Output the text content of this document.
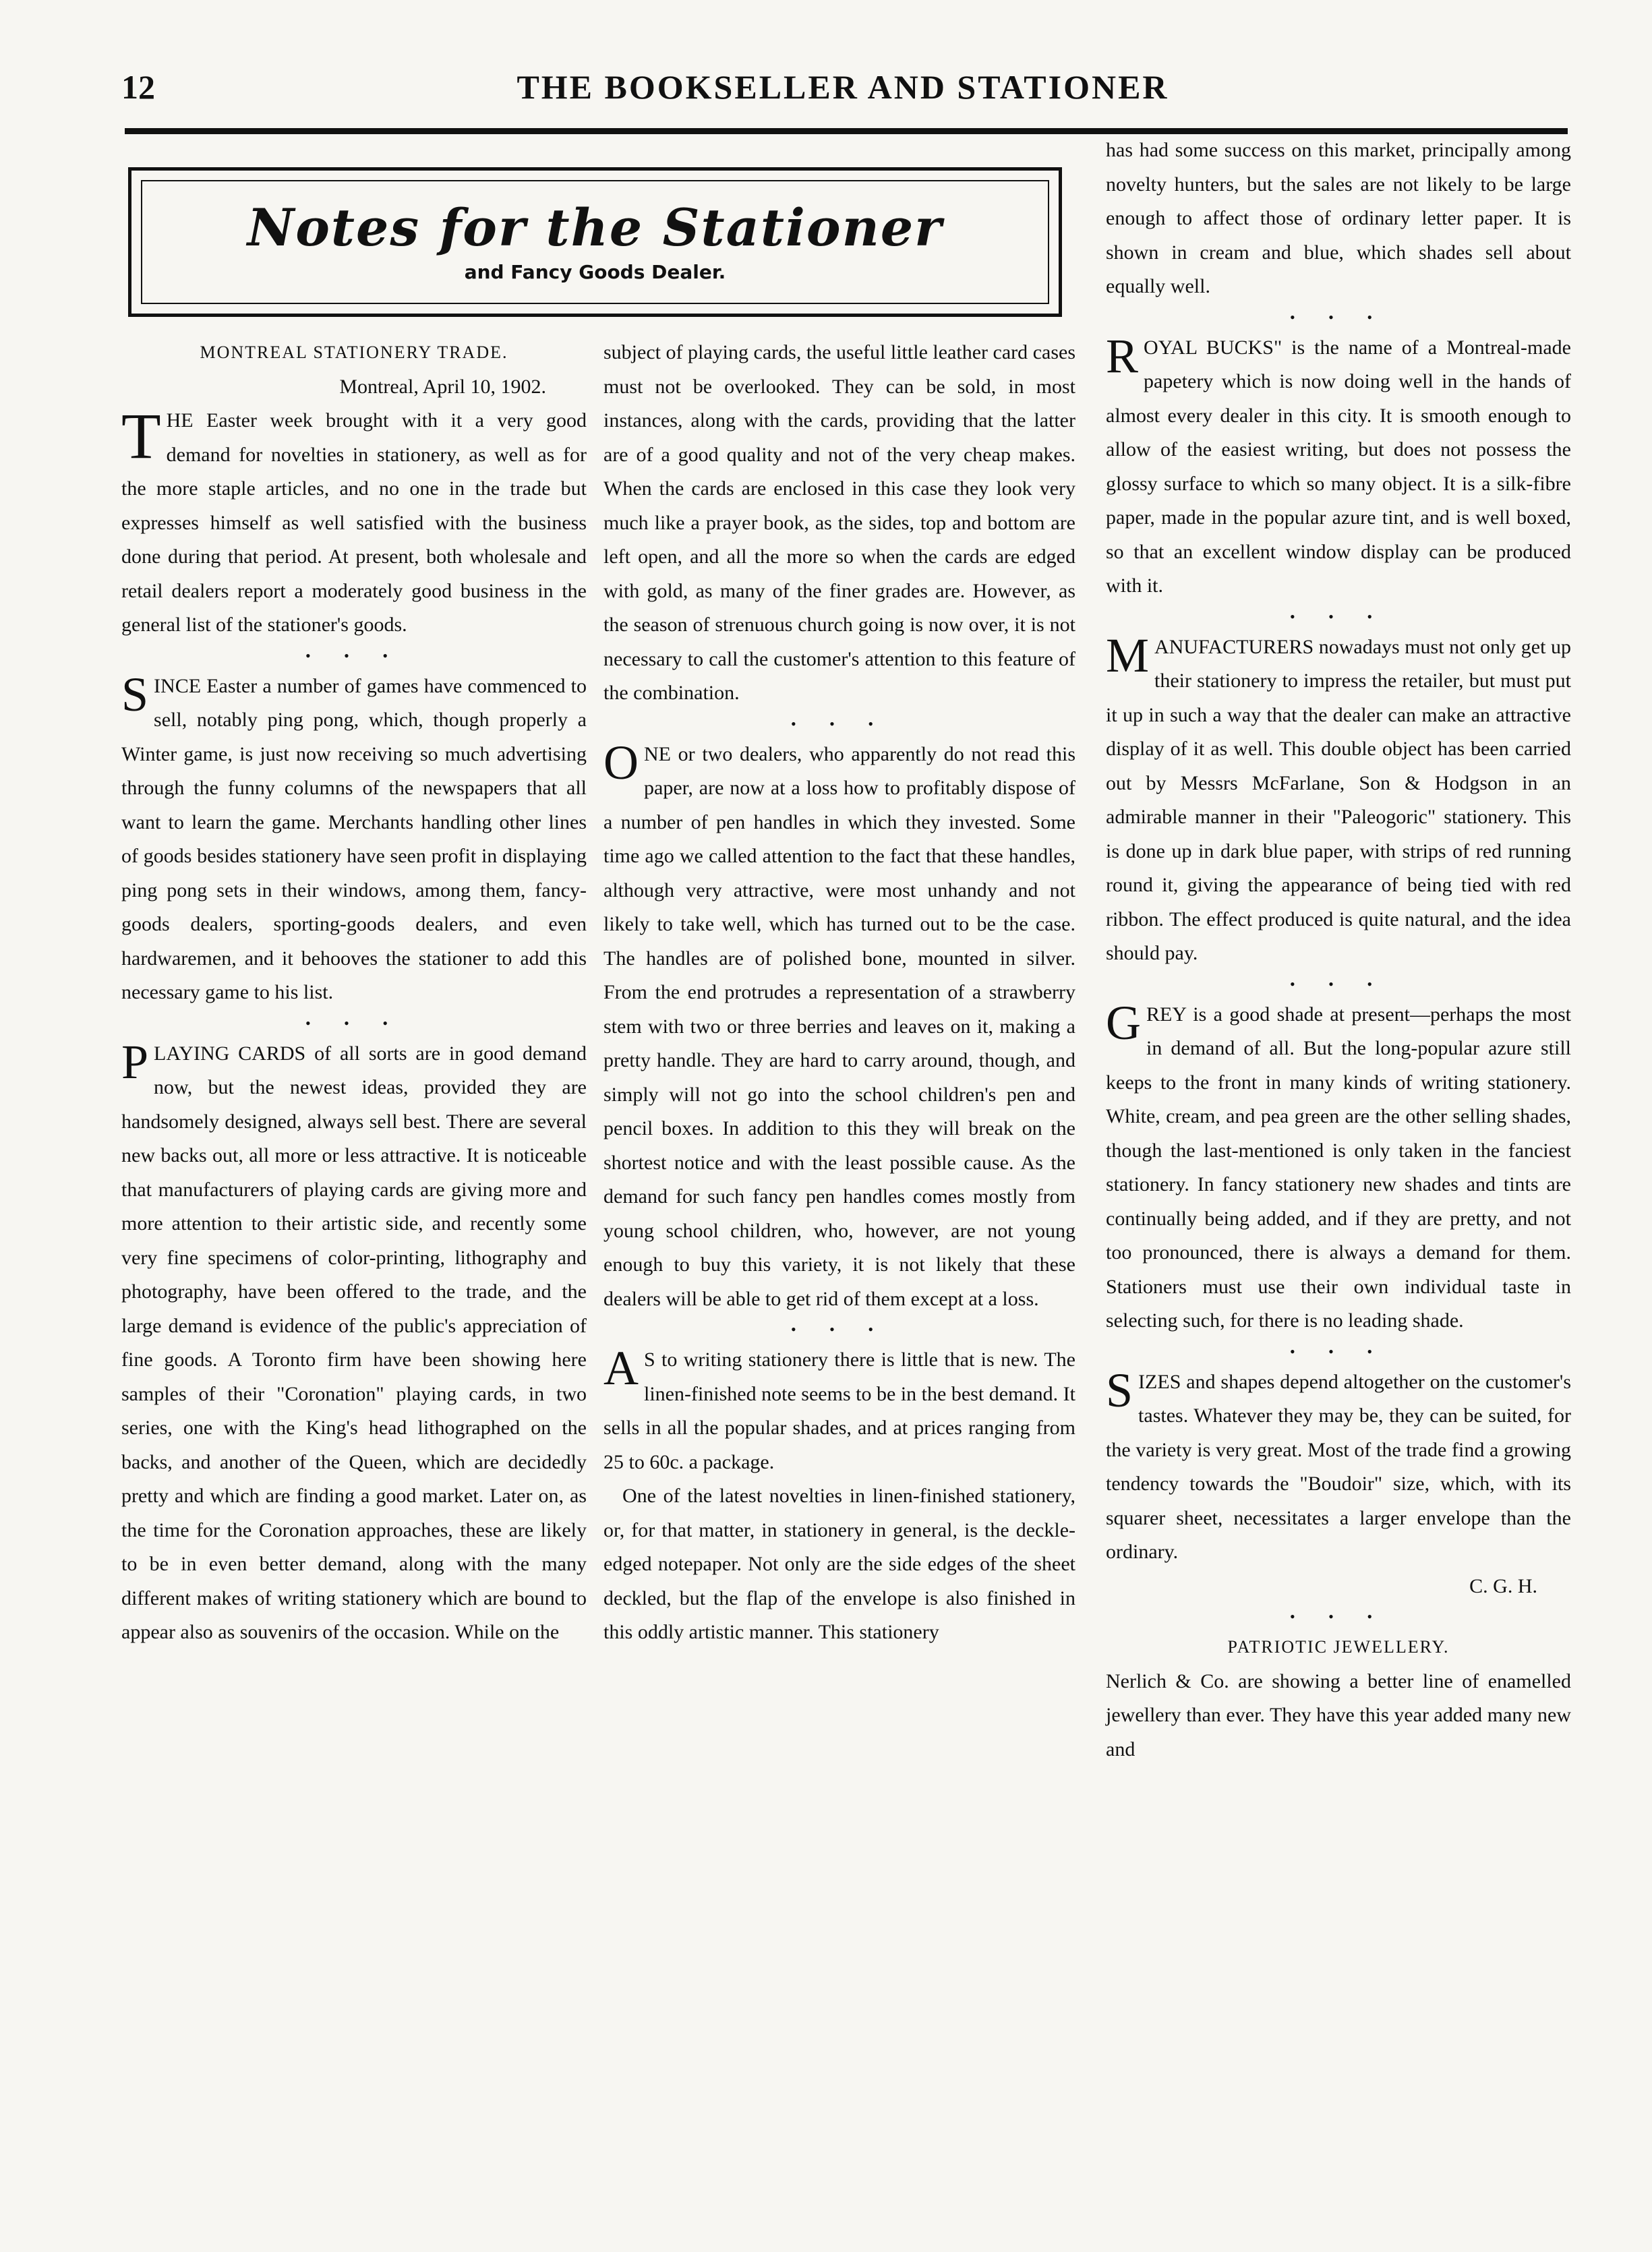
12	THE BOOKSELLER AND STATIONER
Notes for the Stationer
and Fancy Goods Dealer.

MONTREAL STATIONERY TRADE.

Montreal, April 10, 1902.

T HE Easter week brought with it a very good demand for novelties in stationery, as well as for the more staple articles, and no one in the trade but expresses himself as well satisfied with the business done during that period. At present, both wholesale and retail dealers report a moderately good business in the general list of the stationer's goods.

• • •

S INCE Easter a number of games have commenced to sell, notably ping pong, which, though properly a Winter game, is just now receiving so much advertising through the funny columns of the newspapers that all want to learn the game. Merchants handling other lines of goods besides stationery have seen profit in displaying ping pong sets in their windows, among them, fancy-goods dealers, sporting-goods dealers, and even hardwaremen, and it behooves the stationer to add this necessary game to his list.

• • •

P LAYING CARDS of all sorts are in good demand now, but the newest ideas, provided they are handsomely designed, always sell best. There are several new backs out, all more or less attractive. It is noticeable that manufacturers of playing cards are giving more and more attention to their artistic side, and recently some very fine specimens of color-printing, lithography and photography, have been offered to the trade, and the large demand is evidence of the public's appreciation of fine goods. A Toronto firm have been showing here samples of their "Coronation" playing cards, in two series, one with the King's head lithographed on the backs, and another of the Queen, which are decidedly pretty and which are finding a good market. Later on, as the time for the Coronation approaches, these are likely to be in even better demand, along with the many different makes of writing stationery which are bound to appear also as souvenirs of the occasion. While on the

subject of playing cards, the useful little leather card cases must not be overlooked. They can be sold, in most instances, along with the cards, providing that the latter are of a good quality and not of the very cheap makes. When the cards are enclosed in this case they look very much like a prayer book, as the sides, top and bottom are left open, and all the more so when the cards are edged with gold, as many of the finer grades are. However, as the season of strenuous church going is now over, it is not necessary to call the customer's attention to this feature of the combination.

• • •

O NE or two dealers, who apparently do not read this paper, are now at a loss how to profitably dispose of a number of pen handles in which they invested. Some time ago we called attention to the fact that these handles, although very attractive, were most unhandy and not likely to take well, which has turned out to be the case. The handles are of polished bone, mounted in silver. From the end protrudes a representation of a strawberry stem with two or three berries and leaves on it, making a pretty handle. They are hard to carry around, though, and simply will not go into the school children's pen and pencil boxes. In addition to this they will break on the shortest notice and with the least possible cause. As the demand for such fancy pen handles comes mostly from young school children, who, however, are not young enough to buy this variety, it is not likely that these dealers will be able to get rid of them except at a loss.

• • •

A S to writing stationery there is little that is new. The linen-finished note seems to be in the best demand. It sells in all the popular shades, and at prices ranging from 25 to 60c. a package.

One of the latest novelties in linen-finished stationery, or, for that matter, in stationery in general, is the deckle-edged notepaper. Not only are the side edges of the sheet deckled, but the flap of the envelope is also finished in this oddly artistic manner. This stationery

has had some success on this market, principally among novelty hunters, but the sales are not likely to be large enough to affect those of ordinary letter paper. It is shown in cream and blue, which shades sell about equally well.

• • •

R OYAL BUCKS" is the name of a Montreal-made papetery which is now doing well in the hands of almost every dealer in this city. It is smooth enough to allow of the easiest writing, but does not possess the glossy surface to which so many object. It is a silk-fibre paper, made in the popular azure tint, and is well boxed, so that an excellent window display can be produced with it.

• • •

M ANUFACTURERS nowadays must not only get up their stationery to impress the retailer, but must put it up in such a way that the dealer can make an attractive display of it as well. This double object has been carried out by Messrs McFarlane, Son & Hodgson in an admirable manner in their "Paleogoric" stationery. This is done up in dark blue paper, with strips of red running round it, giving the appearance of being tied with red ribbon. The effect produced is quite natural, and the idea should pay.

• • •

G REY is a good shade at present—perhaps the most in demand of all. But the long-popular azure still keeps to the front in many kinds of writing stationery. White, cream, and pea green are the other selling shades, though the last-mentioned is only taken in the fanciest stationery. In fancy stationery new shades and tints are continually being added, and if they are pretty, and not too pronounced, there is always a demand for them. Stationers must use their own individual taste in selecting such, for there is no leading shade.

• • •

S IZES and shapes depend altogether on the customer's tastes. Whatever they may be, they can be suited, for the variety is very great. Most of the trade find a growing tendency towards the "Boudoir" size, which, with its squarer sheet, necessitates a larger envelope than the ordinary.

C. G. H.

• • •

PATRIOTIC JEWELLERY.

Nerlich & Co. are showing a better line of enamelled jewellery than ever. They have this year added many new and
